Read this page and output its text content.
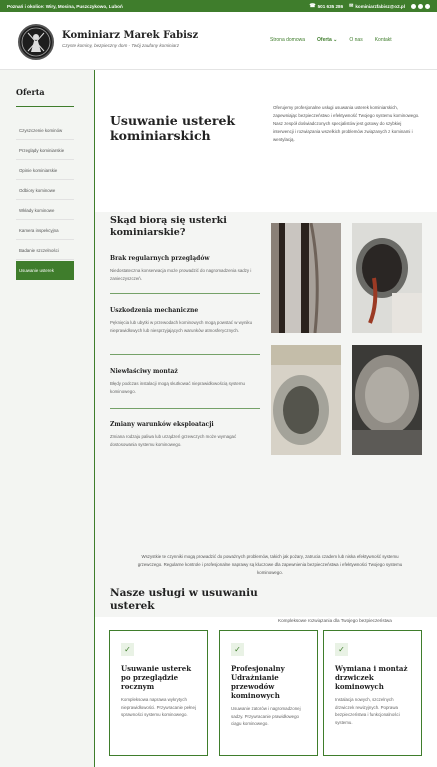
Poznań i okolice: Wiry, Mosina, Puszczykowo, Luboń	☎ 501 635 286 ✉ kominiarzfabisz@o2.pl
Kominiarz Marek Fabisz
Czyste kominy, bezpieczny dom - Twój zaufany kominiarz
Strona domowa Oferta ⌄ O nas Kontakt
Oferta
Czyszczenie kominów
Przeglądy kominiarskie
Opinie kominiarskie
Odbiory kominowe
Wkłady kominowe
Kamera inspekcyjna
Badanie szczelności
Usuwanie usterek
Usuwanie usterek kominiarskich

Oferujemy profesjonalne usługi usuwania usterek kominiarskich, zapewniając bezpieczeństwo i efektywność Twojego systemu kominowego. Nasz zespół doświadczonych specjalistów jest gotowy do szybkiej interwencji i rozwiązania wszelkich problemów związanych z kominami i wentylacją.

Skąd biorą się usterki kominiarskie?
Brak regularnych przeglądów

Niedostateczna konserwacja może prowadzić do nagromadzenia sadzy i zanieczyszczeń.

Uszkodzenia mechaniczne

Pęknięcia lub ubytki w przewodach kominowych mogą powstać w wyniku nieprawidłowych lub niesprzyjających warunków atmosferycznych.

Niewłaściwy montaż

Błędy podczas instalacji mogą skutkować nieprawidłowością systemu kominowego.

Zmiany warunków eksploatacji

Zmiana rodzaju paliwa lub urządzeń grzewczych może wymagać dostosowania systemu kominowego.

Wszystkie te czynniki mogą prowadzić do poważnych problemów, takich jak pożary, zatrucia czadem lub niska efektywność systemu grzewczego. Regularne kontrole i profesjonalne naprawy są kluczowe dla zapewnienia bezpieczeństwa i efektywności Twojego systemu kominowego.

Nasze usługi w usuwaniu usterek

Kompleksowe rozwiązania dla Twojego bezpieczeństwa

✓
Usuwanie usterek po przeglądzie rocznym

Kompleksowa naprawa wykrytych nieprawidłowości. Przywracanie pełnej sprawności systemu kominowego.

✓
Profesjonalny Udrażnianie przewodów kominowych

Usuwanie zatorów i nagromadzonej sadzy. Przywracanie prawidłowego ciągu kominowego.

✓
Wymiana i montaż drzwiczek kominowych

Instalacja nowych, szczelnych drzwiczek rewizyjnych. Poprawa bezpieczeństwa i funkcjonalności systemu.
